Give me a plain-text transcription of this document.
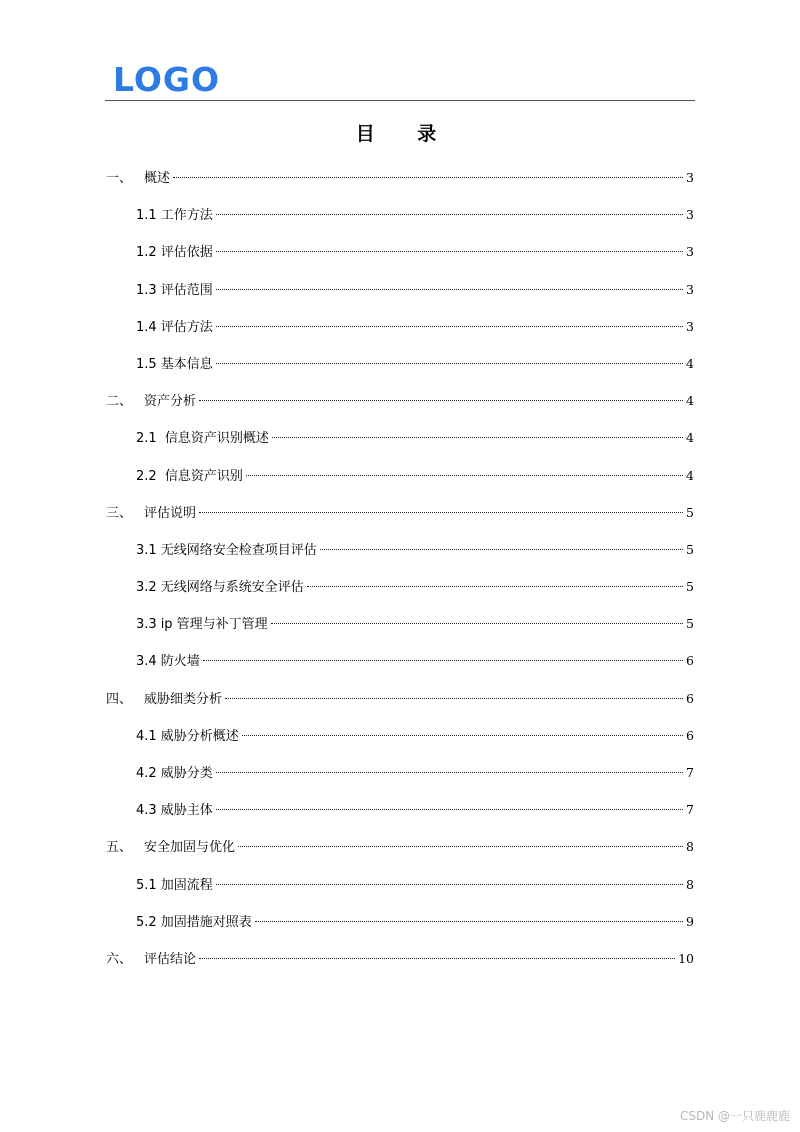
LOGO
目 录
一、 概述	3
1.1 工作方法	3
1.2 评估依据	3
1.3 评估范围	3
1.4 评估方法	3
1.5 基本信息	4
二、 资产分析	4
2.1 信息资产识别概述	4
2.2 信息资产识别	4
三、 评估说明	5
3.1 无线网络安全检查项目评估	5
3.2 无线网络与系统安全评估	5
3.3 ip 管理与补丁管理	5
3.4 防火墙	6
四、 威胁细类分析	6
4.1 威胁分析概述	6
4.2 威胁分类	7
4.3 威胁主体	7
五、 安全加固与优化	8
5.1 加固流程	8
5.2 加固措施对照表	9
六、 评估结论	10
CSDN @一只鹿鹿鹿
